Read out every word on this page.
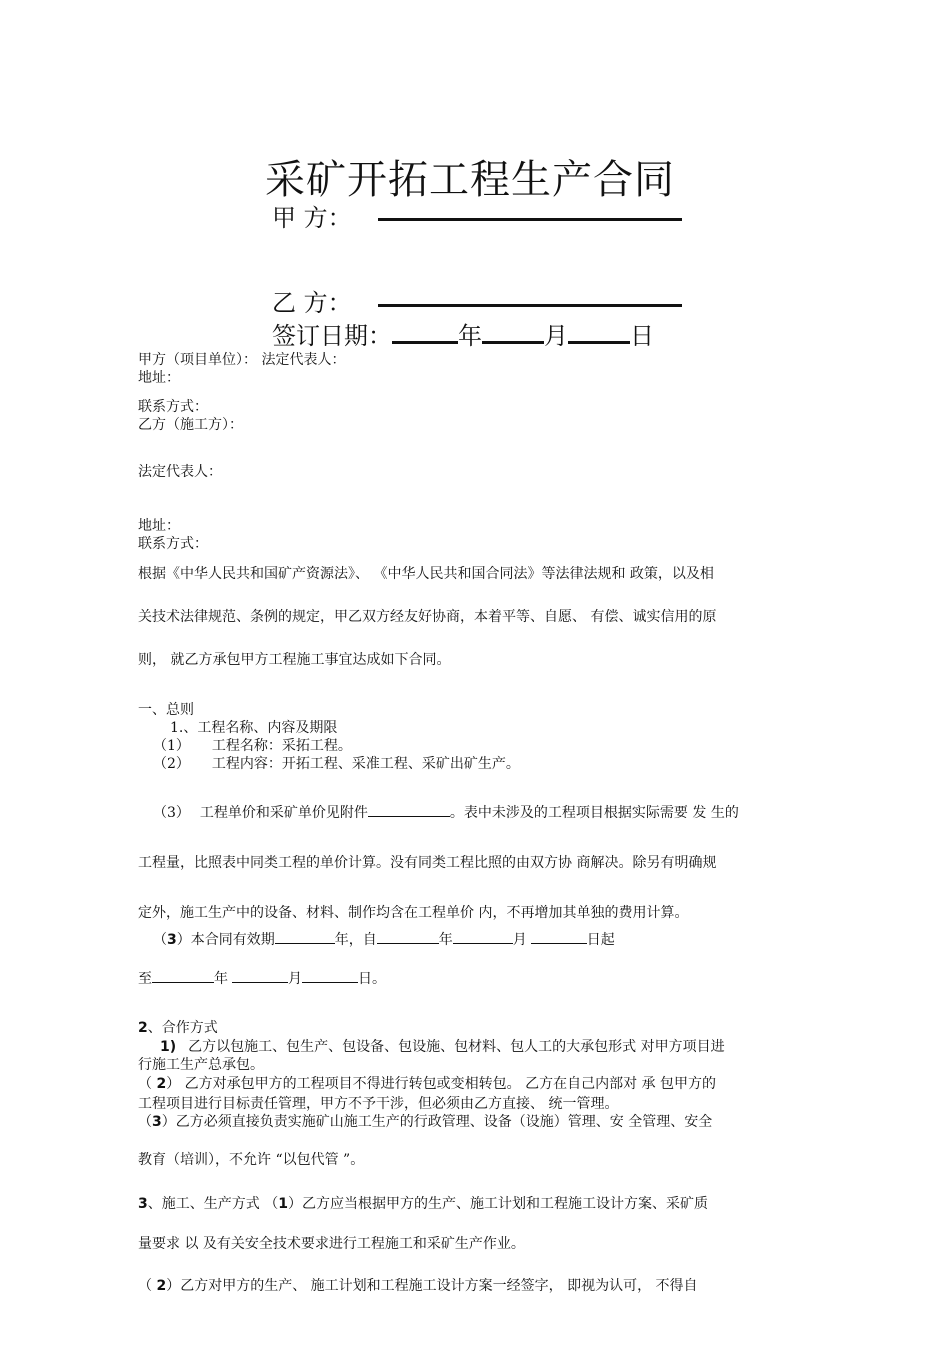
采矿开拓工程生产合同
甲 方：
乙 方：
签订日期：	年	月	日
甲方（项目单位）： 法定代表人：
地址：
联系方式：
乙方（施工方）：
法定代表人：
地址：
联系方式：
根据《中华人民共和国矿产资源法》、 《中华人民共和国合同法》等法律法规和 政策，以及相
关技术法律规范、条例的规定，甲乙双方经友好协商，本着平等、自愿、 有偿、诚实信用的原
则， 就乙方承包甲方工程施工事宜达成如下合同。
一、总则
1.、工程名称、内容及期限
（1） 工程名称：采拓工程。
（2） 工程内容：开拓工程、采准工程、采矿出矿生产。
（3） 工程单价和采矿单价见附件	。表中未涉及的工程项目根据实际需要 发 生的
工程量，比照表中同类工程的单价计算。没有同类工程比照的由双方协 商解决。除另有明确规
定外，施工生产中的设备、材料、制作均含在工程单价 内，不再增加其单独的费用计算。
（3）本合同有效期	年，自	年	月	日起
至	年	月	日。
2、合作方式
1) 乙方以包施工、包生产、包设备、包设施、包材料、包人工的大承包形式 对甲方项目进
行施工生产总承包。
（ 2） 乙方对承包甲方的工程项目不得进行转包或变相转包。 乙方在自己内部对 承 包甲方的
工程项目进行目标责任管理，甲方不予干涉，但必须由乙方直接、 统一管理。
（3）乙方必须直接负责实施矿山施工生产的行政管理、设备（设施）管理、安 全管理、安全
教育（培训），不允许 “以包代管 ”。
3、施工、生产方式 （1）乙方应当根据甲方的生产、施工计划和工程施工设计方案、采矿质
量要求 以 及有关安全技术要求进行工程施工和采矿生产作业。
（ 2）乙方对甲方的生产、 施工计划和工程施工设计方案一经签字， 即视为认可， 不得自
